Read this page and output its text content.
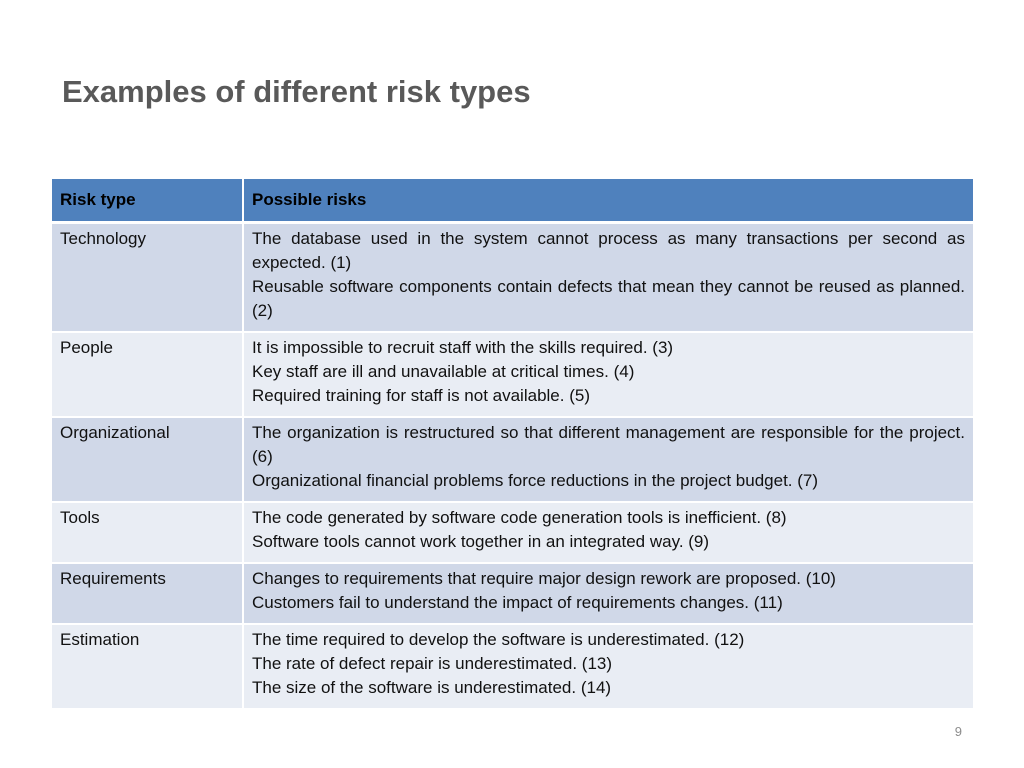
Examples of different risk types
Risk type	Possible risks
Technology	The database used in the system cannot process as many transactions per second as expected. (1)
Reusable software components contain defects that mean they cannot be reused as planned. (2)

People	It is impossible to recruit staff with the skills required. (3)
Key staff are ill and unavailable at critical times. (4)
Required training for staff is not available. (5)

Organizational	The organization is restructured so that different management are responsible for the project. (6)
Organizational financial problems force reductions in the project budget. (7)

Tools	The code generated by software code generation tools is inefficient. (8)
Software tools cannot work together in an integrated way. (9)

Requirements	Changes to requirements that require major design rework are proposed. (10)
Customers fail to understand the impact of requirements changes. (11)

Estimation	The time required to develop the software is underestimated. (12)
The rate of defect repair is underestimated. (13)
The size of the software is underestimated. (14)
9
